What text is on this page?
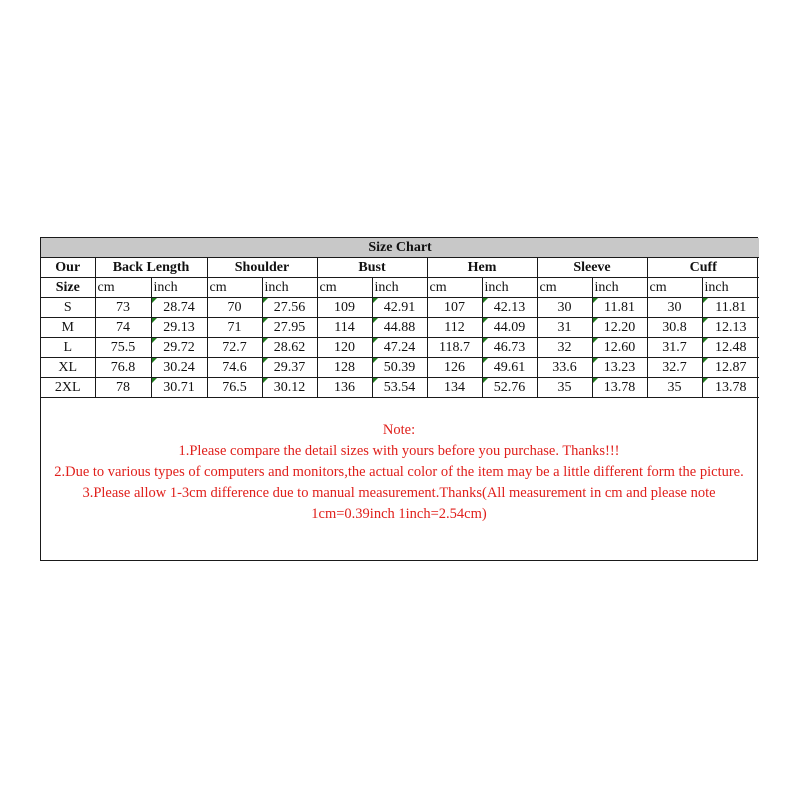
Size Chart												
Our	Back Length		Shoulder		Bust		Hem		Sleeve		Cuff	
Size	cm	inch	cm	inch	cm	inch	cm	inch	cm	inch	cm	inch
S	73	28.74	70	27.56	109	42.91	107	42.13	30	11.81	30	11.81
M	74	29.13	71	27.95	114	44.88	112	44.09	31	12.20	30.8	12.13
L	75.5	29.72	72.7	28.62	120	47.24	118.7	46.73	32	12.60	31.7	12.48
XL	76.8	30.24	74.6	29.37	128	50.39	126	49.61	33.6	13.23	32.7	12.87
2XL	78	30.71	76.5	30.12	136	53.54	134	52.76	35	13.78	35	13.78
Note:
1.Please compare the detail sizes with yours before you purchase. Thanks!!!
2.Due to various types of computers and monitors,the actual color of the item may be a little different form the picture.
3.Please allow 1-3cm difference due to manual measurement.Thanks(All measurement in cm and please note 1cm=0.39inch 1inch=2.54cm)
